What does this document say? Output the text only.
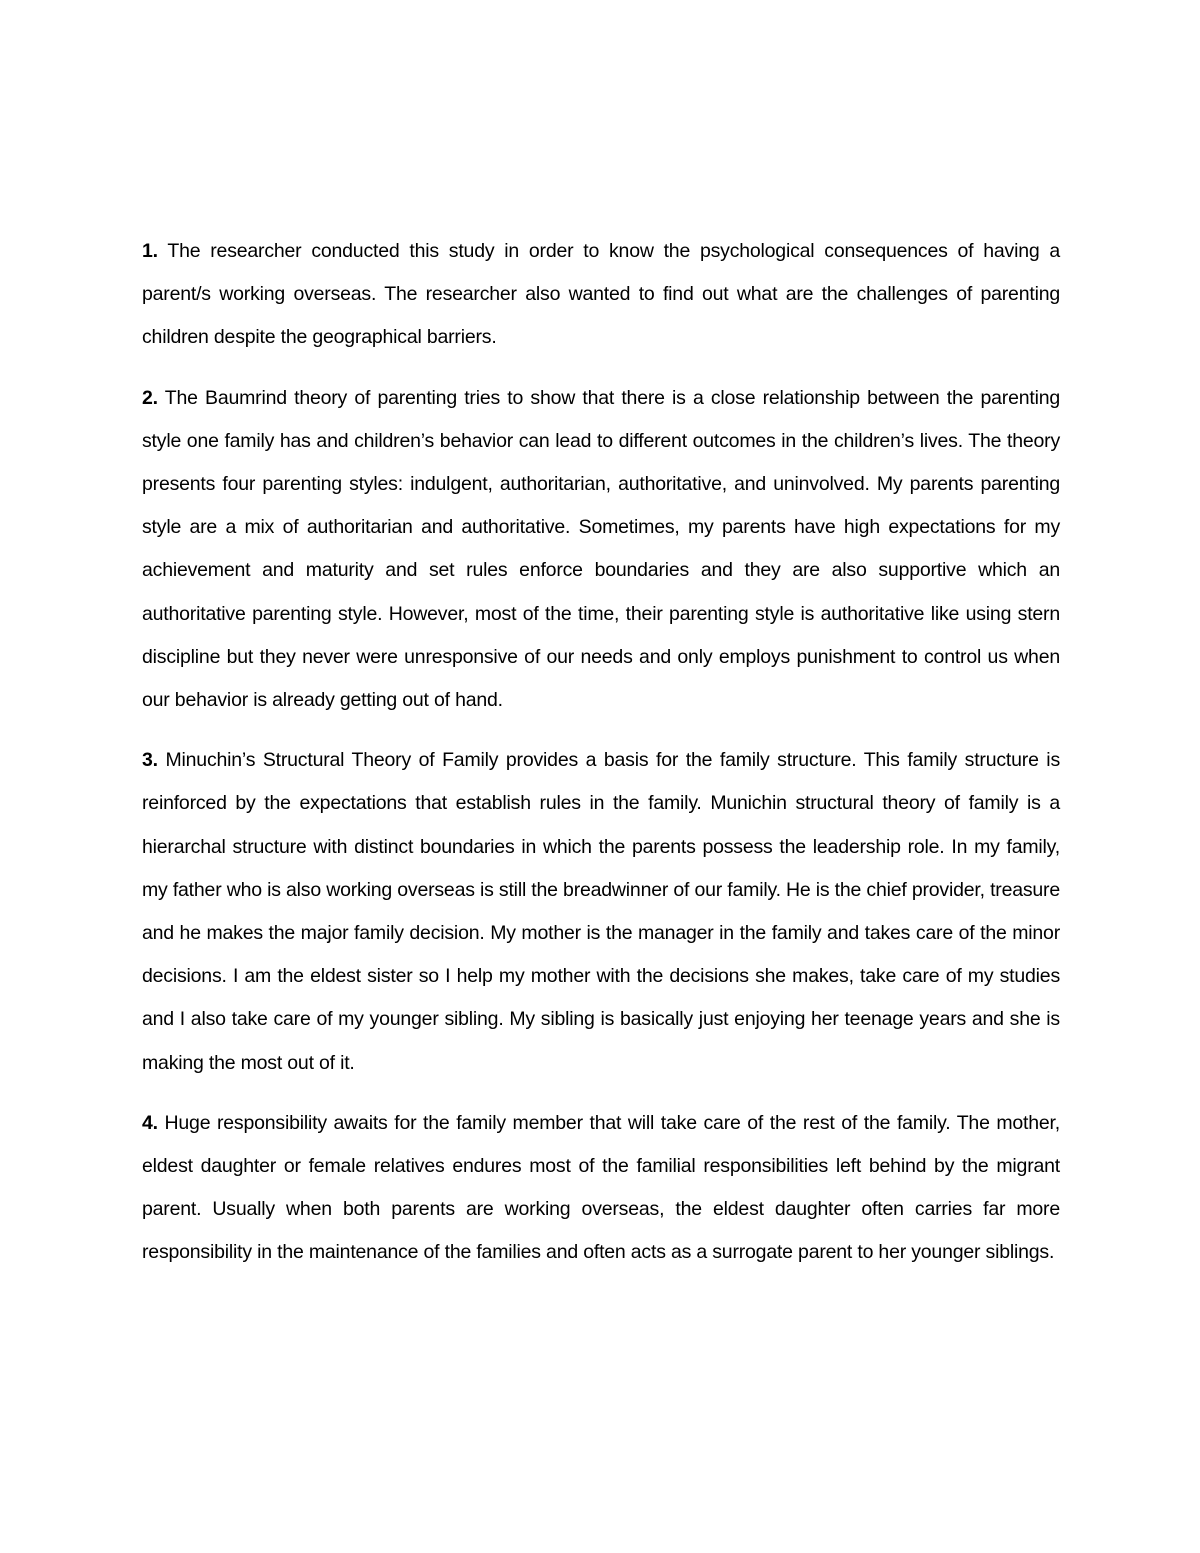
1. The researcher conducted this study in order to know the psychological consequences of having a parent/s working overseas. The researcher also wanted to find out what are the challenges of parenting children despite the geographical barriers.

2. The Baumrind theory of parenting tries to show that there is a close relationship between the parenting style one family has and children’s behavior can lead to different outcomes in the children’s lives. The theory presents four parenting styles: indulgent, authoritarian, authoritative, and uninvolved. My parents parenting style are a mix of authoritarian and authoritative. Sometimes, my parents have high expectations for my achievement and maturity and set rules enforce boundaries and they are also supportive which an authoritative parenting style. However, most of the time, their parenting style is authoritative like using stern discipline but they never were unresponsive of our needs and only employs punishment to control us when our behavior is already getting out of hand.

3. Minuchin’s Structural Theory of Family provides a basis for the family structure. This family structure is reinforced by the expectations that establish rules in the family. Munichin structural theory of family is a hierarchal structure with distinct boundaries in which the parents possess the leadership role. In my family, my father who is also working overseas is still the breadwinner of our family. He is the chief provider, treasure and he makes the major family decision. My mother is the manager in the family and takes care of the minor decisions. I am the eldest sister so I help my mother with the decisions she makes, take care of my studies and I also take care of my younger sibling. My sibling is basically just enjoying her teenage years and she is making the most out of it.

4. Huge responsibility awaits for the family member that will take care of the rest of the family. The mother, eldest daughter or female relatives endures most of the familial responsibilities left behind by the migrant parent. Usually when both parents are working overseas, the eldest daughter often carries far more responsibility in the maintenance of the families and often acts as a surrogate parent to her younger siblings.
